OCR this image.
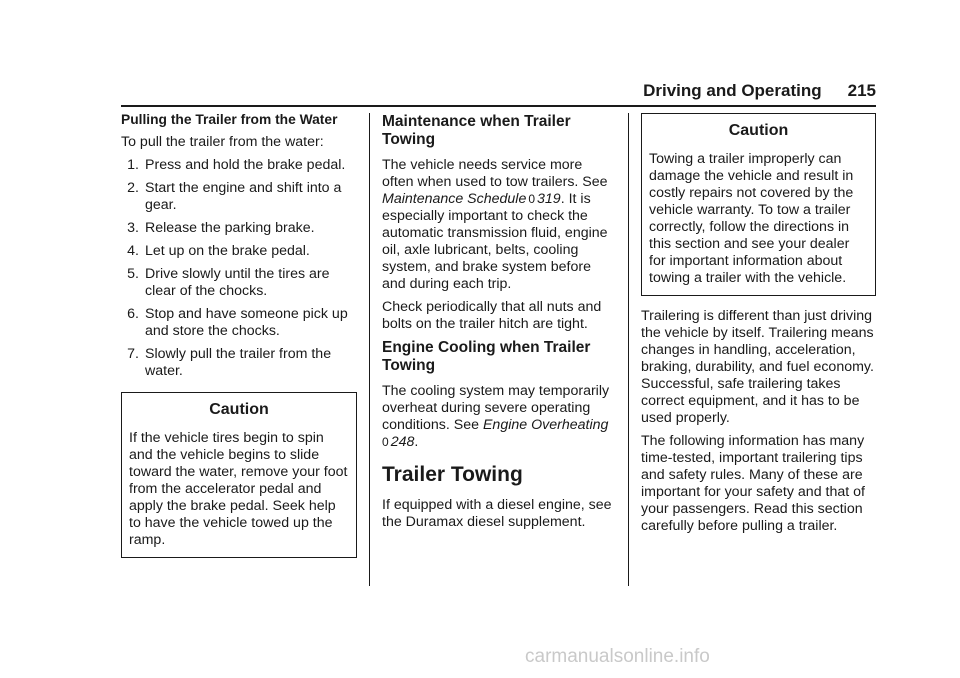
Driving and Operating 215

Pulling the Trailer from the Water

To pull the trailer from the water:

1. Press and hold the brake pedal.
2. Start the engine and shift into a gear.
3. Release the parking brake.
4. Let up on the brake pedal.
5. Drive slowly until the tires are clear of the chocks.
6. Stop and have someone pick up and store the chocks.
7. Slowly pull the trailer from the water.

Caution

If the vehicle tires begin to spin and the vehicle begins to slide toward the water, remove your foot from the accelerator pedal and apply the brake pedal. Seek help to have the vehicle towed up the ramp.

Maintenance when Trailer Towing

The vehicle needs service more often when used to tow trailers. See Maintenance Schedule 0 319. It is especially important to check the automatic transmission fluid, engine oil, axle lubricant, belts, cooling system, and brake system before and during each trip.

Check periodically that all nuts and bolts on the trailer hitch are tight.

Engine Cooling when Trailer Towing

The cooling system may temporarily overheat during severe operating conditions. See Engine Overheating
0 248.

Trailer Towing

If equipped with a diesel engine, see the Duramax diesel supplement.

Caution

Towing a trailer improperly can damage the vehicle and result in costly repairs not covered by the vehicle warranty. To tow a trailer correctly, follow the directions in this section and see your dealer for important information about towing a trailer with the vehicle.

Trailering is different than just driving the vehicle by itself. Trailering means changes in handling, acceleration, braking, durability, and fuel economy. Successful, safe trailering takes correct equipment, and it has to be used properly.

The following information has many time-tested, important trailering tips and safety rules. Many of these are important for your safety and that of your passengers. Read this section carefully before pulling a trailer.

carmanualsonline.info
